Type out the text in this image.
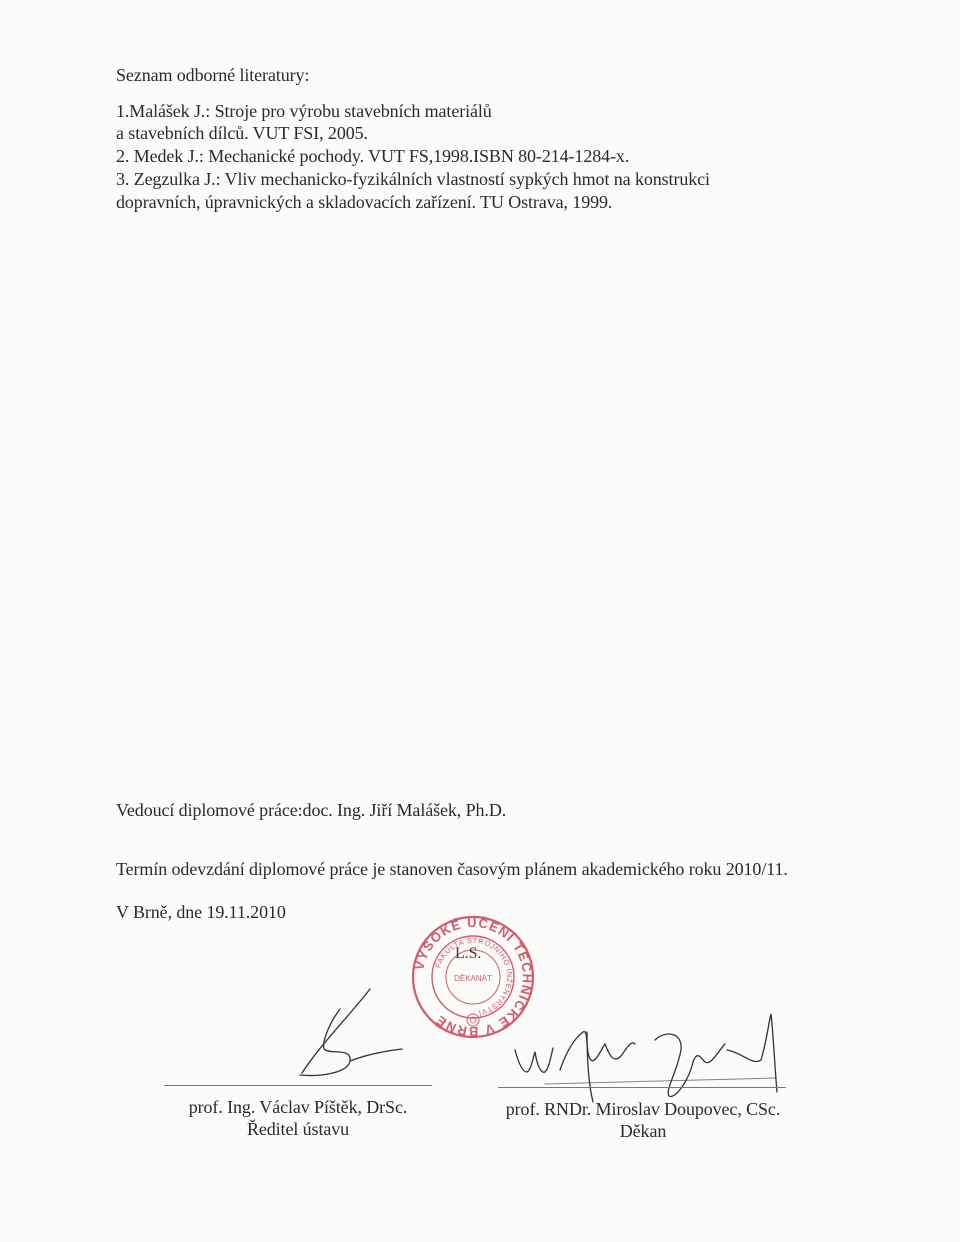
Seznam odborné literatury:
1.Malášek J.: Stroje pro výrobu stavebních materiálů
a stavebních dílců. VUT FSI, 2005.
2. Medek J.: Mechanické pochody. VUT FS,1998.ISBN 80-214-1284-x.
3. Zegzulka J.: Vliv mechanicko-fyzikálních vlastností sypkých hmot na konstrukci
dopravních, úpravnických a skladovacích zařízení. TU Ostrava, 1999.
Vedoucí diplomové práce:doc. Ing. Jiří Malášek, Ph.D.
Termín odevzdání diplomové práce je stanoven časovým plánem akademického roku 2010/11.
V Brně, dne 19.11.2010
VYSOKÉ UČENÍ TECHNICKÉ V BRNĚ
FAKULTA STROJNÍHO INŽENÝRSTVÍ
DĚKANÁT
L.S.
prof. Ing. Václav Píštěk, DrSc.
Ředitel ústavu
prof. RNDr. Miroslav Doupovec, CSc.
Děkan
